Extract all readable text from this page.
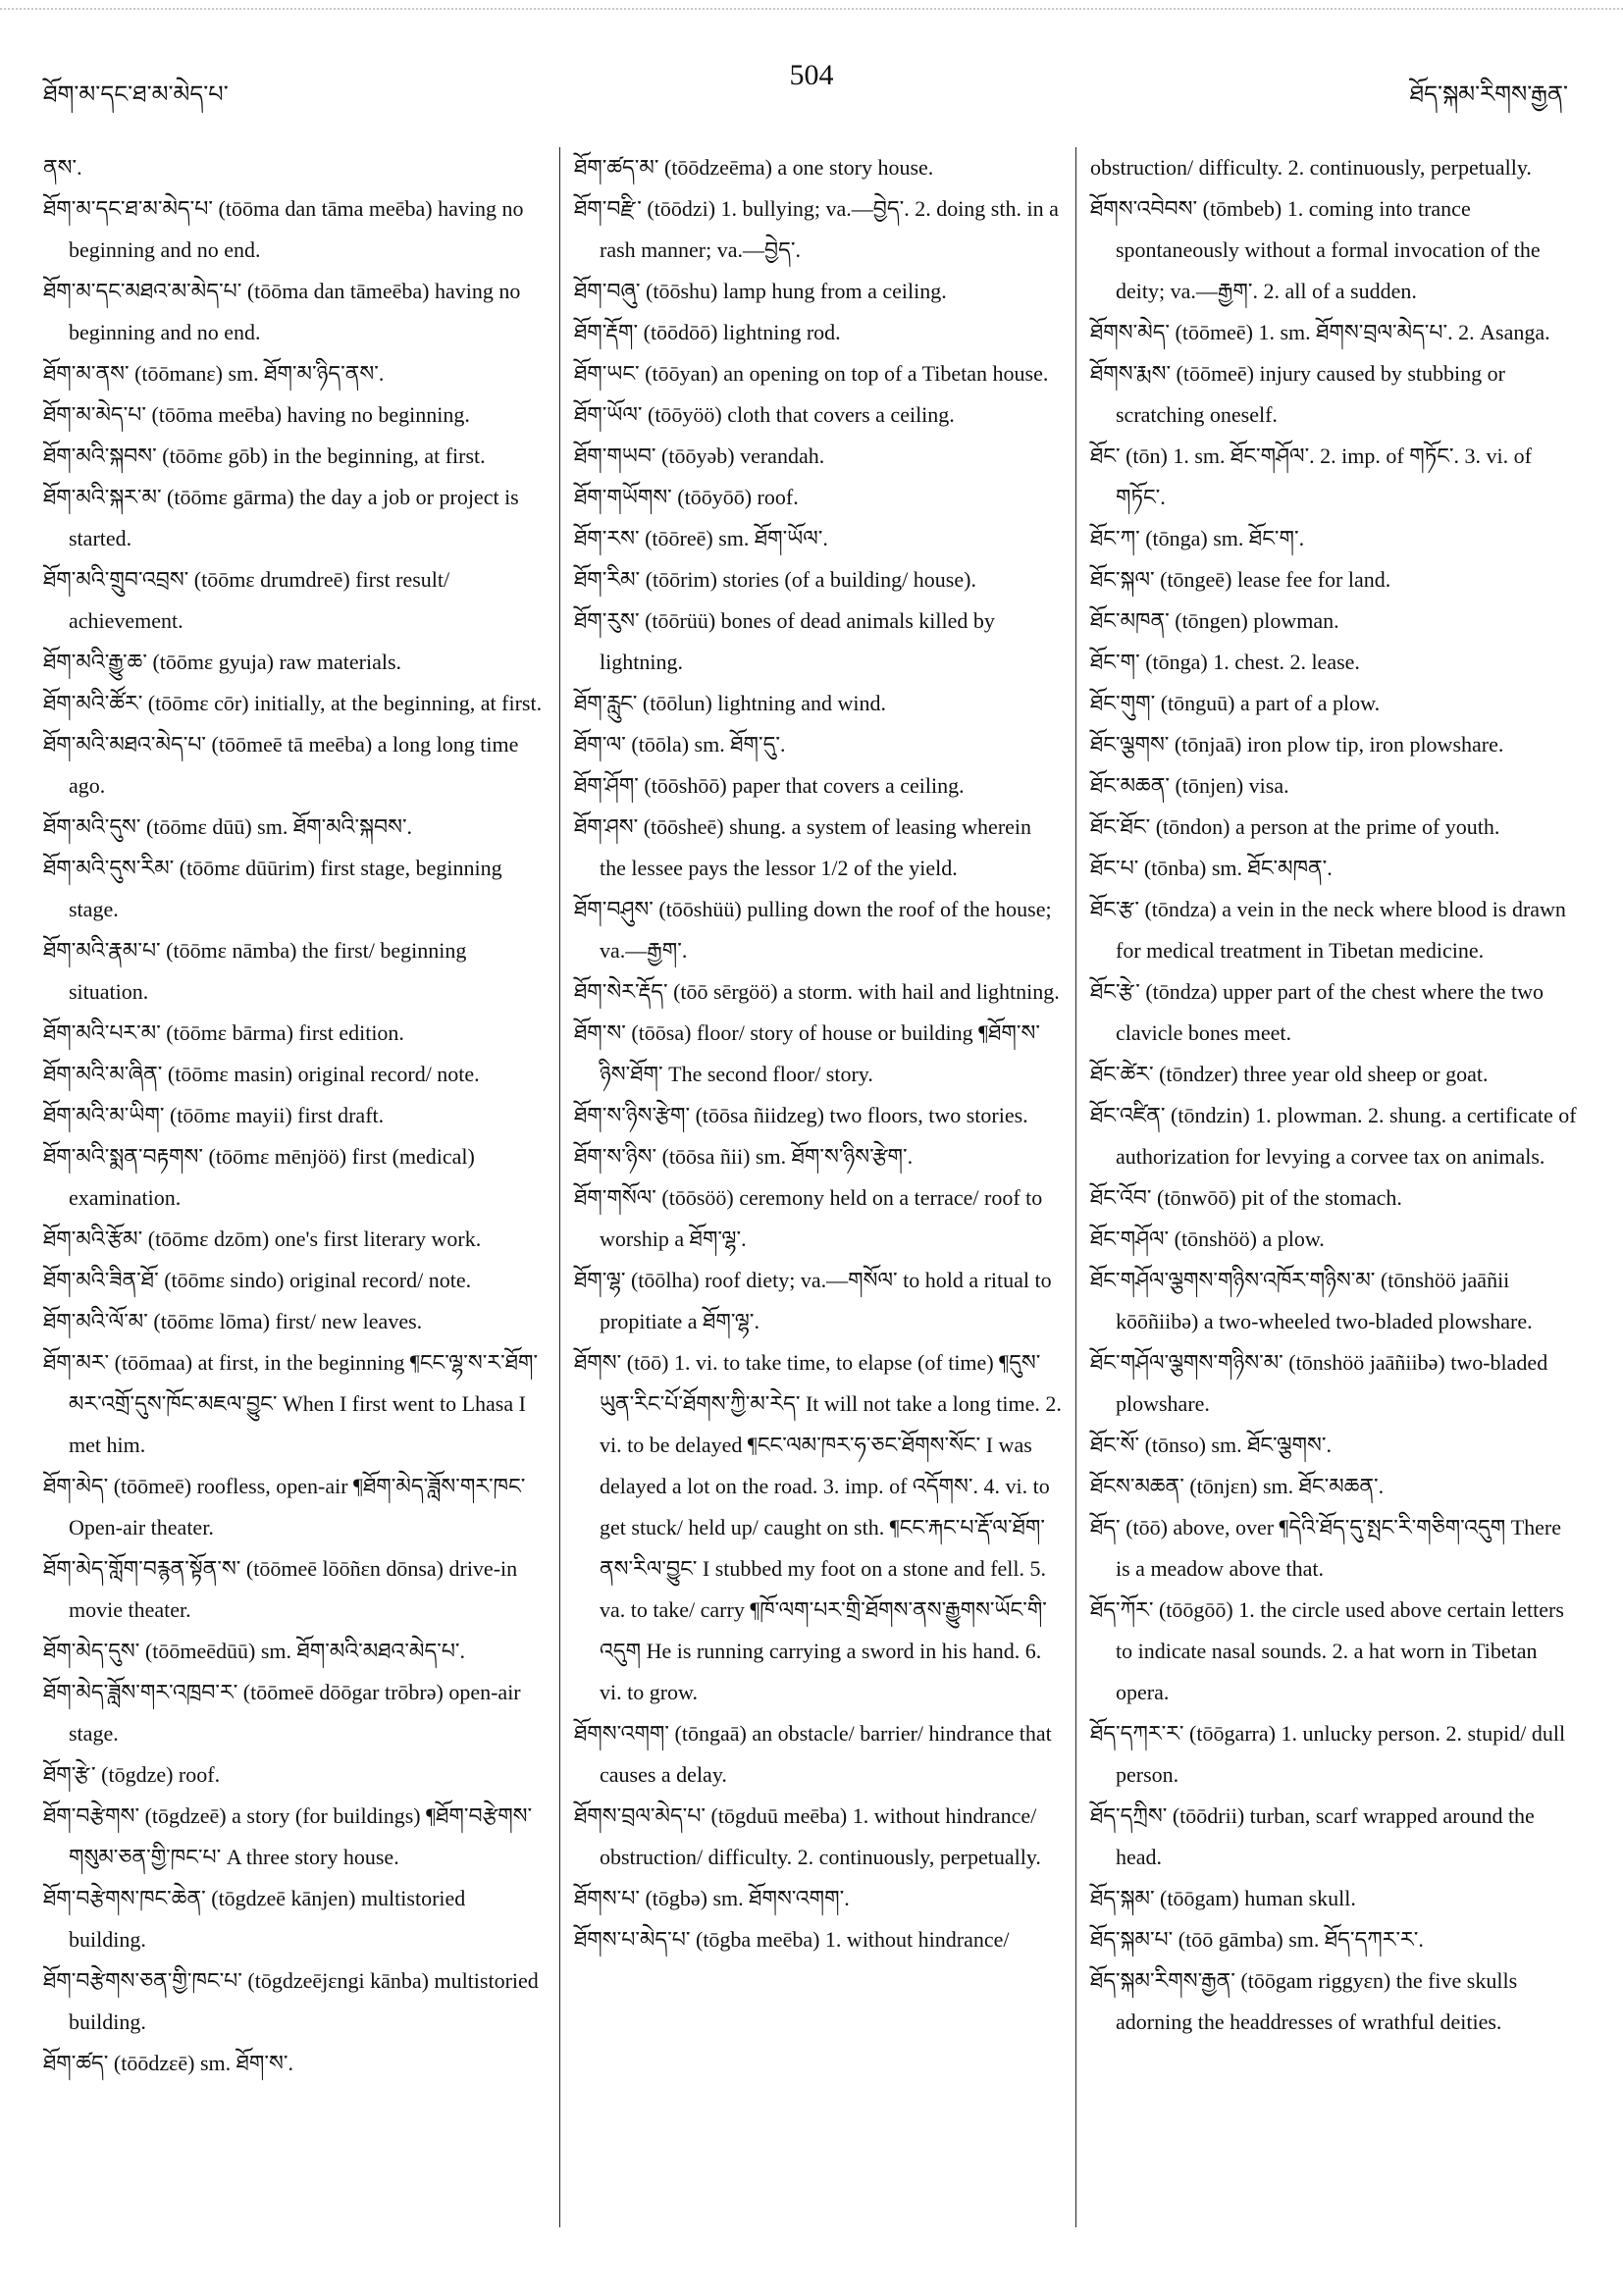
ཐོག་མ་དང་ཐ་མ་མེད་པ་
504
ཐོད་སྐམ་རིགས་རྒྱན་

ནས་.

ཐོག་མ་དང་ཐ་མ་མེད་པ་ (tōōma dan tāma meēba) having no beginning and no end.

ཐོག་མ་དང་མཐའ་མ་མེད་པ་ (tōōma dan tāmeēba) having no beginning and no end.

ཐོག་མ་ནས་ (tōōmanε) sm. ཐོག་མ་ཉིད་ནས་.

ཐོག་མ་མེད་པ་ (tōōma meēba) having no beginning.

ཐོག་མའི་སྐབས་ (tōōmε gōb) in the beginning, at first.

ཐོག་མའི་སྐར་མ་ (tōōmε gārma) the day a job or project is started.

ཐོག་མའི་གྲུབ་འབྲས་ (tōōmε drumdreē) first result/ achievement.

ཐོག་མའི་རྒྱུ་ཆ་ (tōōmε gyuja) raw materials.

ཐོག་མའི་ཚོར་ (tōōmε cōr) initially, at the beginning, at first.

ཐོག་མའི་མཐའ་མེད་པ་ (tōōmeē tā meēba) a long long time ago.

ཐོག་མའི་དུས་ (tōōmε dūū) sm. ཐོག་མའི་སྐབས་.

ཐོག་མའི་དུས་རིམ་ (tōōmε dūūrim) first stage, beginning stage.

ཐོག་མའི་རྣམ་པ་ (tōōmε nāmba) the first/ beginning situation.

ཐོག་མའི་པར་མ་ (tōōmε bārma) first edition.

ཐོག་མའི་མ་ཞིན་ (tōōmε masin) original record/ note.

ཐོག་མའི་མ་ཡིག་ (tōōmε mayii) first draft.

ཐོག་མའི་སྨན་བརྟགས་ (tōōmε mēnjöö) first (medical) examination.

ཐོག་མའི་རྩོམ་ (tōōmε dzōm) one's first literary work.

ཐོག་མའི་ཟིན་ཐོ་ (tōōmε sindo) original record/ note.

ཐོག་མའི་ལོ་མ་ (tōōmε lōma) first/ new leaves.

ཐོག་མར་ (tōōmaa) at first, in the beginning ¶ངང་ལྷ་ས་ར་ཐོག་མར་འགྲོ་དུས་ཁོང་མཇལ་བྱུང་ When I first went to Lhasa I met him.

ཐོག་མེད་ (tōōmeē) roofless, open-air ¶ཐོག་མེད་ཟློས་གར་ཁང་ Open-air theater.

ཐོག་མེད་གློག་བརྙན་སྟོན་ས་ (tōōmeē lōōñεn dōnsa) drive-in movie theater.

ཐོག་མེད་དུས་ (tōōmeēdūū) sm. ཐོག་མའི་མཐའ་མེད་པ་.

ཐོག་མེད་ཟློས་གར་འཁྲབ་ར་ (tōōmeē dōōgar trōbrə) open-air stage.

ཐོག་རྩེ་ (tōgdze) roof.

ཐོག་བརྩེགས་ (tōgdzeē) a story (for buildings) ¶ཐོག་བརྩེགས་གསུམ་ཅན་གྱི་ཁང་པ་ A three story house.

ཐོག་བརྩེགས་ཁང་ཆེན་ (tōgdzeē kānjen) multistoried building.

ཐོག་བརྩེགས་ཅན་གྱི་ཁང་པ་ (tōgdzeējεngi kānba) multistoried building.

ཐོག་ཚད་ (tōōdzεē) sm. ཐོག་ས་.

ཐོག་ཚད་མ་ (tōōdzeēma) a one story house.

ཐོག་བརྫི་ (tōōdzi) 1. bullying; va.—བྱེད་. 2. doing sth. in a rash manner; va.—བྱེད་.

ཐོག་བཞུ་ (tōōshu) lamp hung from a ceiling.

ཐོག་རྡོག་ (tōōdōō) lightning rod.

ཐོག་ཡང་ (tōōyan) an opening on top of a Tibetan house.

ཐོག་ཡོལ་ (tōōyöö) cloth that covers a ceiling.

ཐོག་གཡབ་ (tōōyəb) verandah.

ཐོག་གཡོགས་ (tōōyōō) roof.

ཐོག་རས་ (tōōreē) sm. ཐོག་ཡོལ་.

ཐོག་རིམ་ (tōōrim) stories (of a building/ house).

ཐོག་རུས་ (tōōrüü) bones of dead animals killed by lightning.

ཐོག་རླུང་ (tōōlun) lightning and wind.

ཐོག་ལ་ (tōōla) sm. ཐོག་དུ་.

ཐོག་ཤོག་ (tōōshōō) paper that covers a ceiling.

ཐོག་ཤས་ (tōōsheē) shung. a system of leasing wherein the lessee pays the lessor 1/2 of the yield.

ཐོག་བཤུས་ (tōōshüü) pulling down the roof of the house; va.—རྒྱག་.

ཐོག་སེར་རྡོད་ (tōō sērgöö) a storm. with hail and lightning.

ཐོག་ས་ (tōōsa) floor/ story of house or building ¶ཐོག་ས་ཉིས་ཐོག་ The second floor/ story.

ཐོག་ས་ཉིས་རྩེག་ (tōōsa ñiidzeg) two floors, two stories.

ཐོག་ས་ཉིས་ (tōōsa ñii) sm. ཐོག་ས་ཉིས་རྩེག་.

ཐོག་གསོལ་ (tōōsöö) ceremony held on a terrace/ roof to worship a ཐོག་ལྷ་.

ཐོག་ལྷ་ (tōōlha) roof diety; va.—གསོལ་ to hold a ritual to propitiate a ཐོག་ལྷ་.

ཐོགས་ (tōō) 1. vi. to take time, to elapse (of time) ¶དུས་ཡུན་རིང་པོ་ཐོགས་ཀྱི་མ་རེད་ It will not take a long time. 2. vi. to be delayed ¶ངང་ལམ་ཁར་ཧ་ཅང་ཐོགས་སོང་ I was delayed a lot on the road. 3. imp. of འདོགས་. 4. vi. to get stuck/ held up/ caught on sth. ¶ངང་རྐང་པ་རྡོ་ལ་ཐོག་ནས་རིལ་བྱུང་ I stubbed my foot on a stone and fell. 5. va. to take/ carry ¶ཁོ་ལག་པར་གྲི་ཐོགས་ནས་རྒྱུགས་ཡོང་གི་འདུག He is running carrying a sword in his hand. 6. vi. to grow.

ཐོགས་འགག་ (tōngaā) an obstacle/ barrier/ hindrance that causes a delay.

ཐོགས་བྲལ་མེད་པ་ (tōgduū meēba) 1. without hindrance/ obstruction/ difficulty. 2. continuously, perpetually.

ཐོགས་པ་ (tōgbə) sm. ཐོགས་འགག་.

ཐོགས་པ་མེད་པ་ (tōgba meēba) 1. without hindrance/

obstruction/ difficulty. 2. continuously, perpetually.

ཐོགས་འབེབས་ (tōmbeb) 1. coming into trance spontaneously without a formal invocation of the deity; va.—རྒྱག་. 2. all of a sudden.

ཐོགས་མེད་ (tōōmeē) 1. sm. ཐོགས་བྲལ་མེད་པ་. 2. Asanga.

ཐོགས་རྨས་ (tōōmeē) injury caused by stubbing or scratching oneself.

ཐོང་ (tōn) 1. sm. ཐོང་གཤོལ་. 2. imp. of གཏོང་. 3. vi. of གཏོང་.

ཐོང་ཀ་ (tōnga) sm. ཐོང་ག་.

ཐོང་སྐལ་ (tōngeē) lease fee for land.

ཐོང་མཁན་ (tōngen) plowman.

ཐོང་ག་ (tōnga) 1. chest. 2. lease.

ཐོང་གུག་ (tōnguū) a part of a plow.

ཐོང་ལྕགས་ (tōnjaā) iron plow tip, iron plowshare.

ཐོང་མཆན་ (tōnjen) visa.

ཐོང་ཐོང་ (tōndon) a person at the prime of youth.

ཐོང་པ་ (tōnba) sm. ཐོང་མཁན་.

ཐོང་རྩ་ (tōndza) a vein in the neck where blood is drawn for medical treatment in Tibetan medicine.

ཐོང་རྩེ་ (tōndza) upper part of the chest where the two clavicle bones meet.

ཐོང་ཚེར་ (tōndzer) three year old sheep or goat.

ཐོང་འཛིན་ (tōndzin) 1. plowman. 2. shung. a certificate of authorization for levying a corvee tax on animals.

ཐོང་འོབ་ (tōnwōō) pit of the stomach.

ཐོང་གཤོལ་ (tōnshöö) a plow.

ཐོང་གཤོལ་ལྕགས་གཉིས་འཁོར་གཉིས་མ་ (tōnshöö jaāñii kōōñiibə) a two-wheeled two-bladed plowshare.

ཐོང་གཤོལ་ལྕགས་གཉིས་མ་ (tōnshöö jaāñiibə) two-bladed plowshare.

ཐོང་སོ་ (tōnso) sm. ཐོང་ལྕགས་.

ཐོངས་མཆན་ (tōnjεn) sm. ཐོང་མཆན་.

ཐོད་ (tōō) above, over ¶དེའི་ཐོད་དུ་སྤང་རི་གཅིག་འདུག There is a meadow above that.

ཐོད་ཀོར་ (tōōgōō) 1. the circle used above certain letters to indicate nasal sounds. 2. a hat worn in Tibetan opera.

ཐོད་དཀར་ར་ (tōōgarra) 1. unlucky person. 2. stupid/ dull person.

ཐོད་དཀྲིས་ (tōōdrii) turban, scarf wrapped around the head.

ཐོད་སྐམ་ (tōōgam) human skull.

ཐོད་སྐམ་པ་ (tōō gāmba) sm. ཐོད་དཀར་ར་.

ཐོད་སྐམ་རིགས་རྒྱན་ (tōōgam riggyεn) the five skulls adorning the headdresses of wrathful deities.
